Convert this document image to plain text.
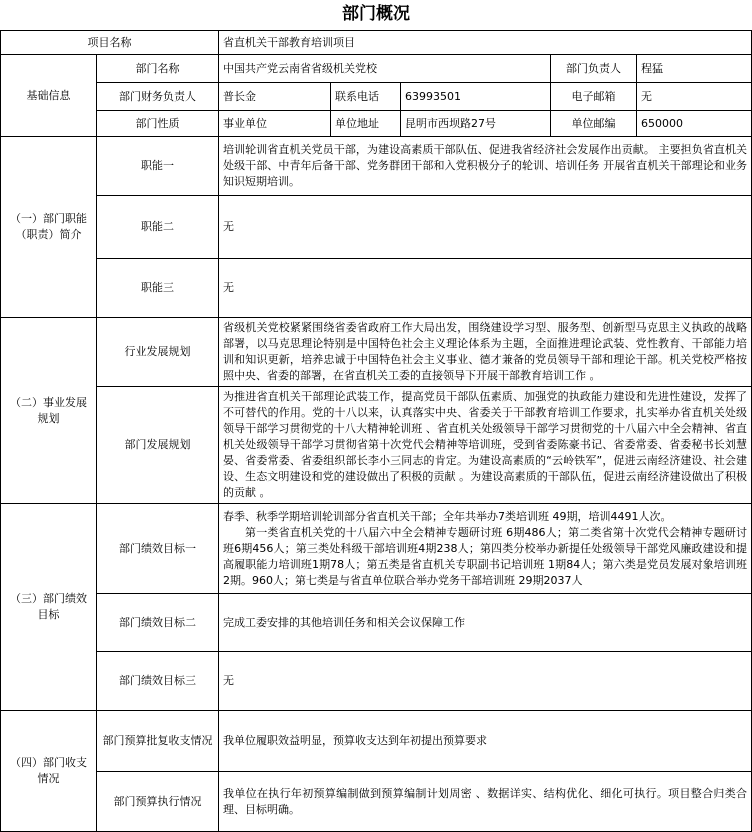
部门概况
项目名称		省直机关干部教育培训项目				
基础信息	部门名称	中国共产党云南省省级机关党校			部门负责人	程猛
	部门财务负责人	普长金	联系电话	63993501	电子邮箱	无
	部门性质	事业单位	单位地址	昆明市西坝路27号	单位邮编	650000
（一）部门职能（职责）简介	职能一	培训轮训省直机关党员干部，为建设高素质干部队伍、促进我省经济社会发展作出贡献。 主要担负省直机关处级干部、中青年后备干部、党务群团干部和入党积极分子的轮训、培训任务 开展省直机关干部理论和业务知识短期培训。				
	职能二	无				
	职能三	无				
（二）事业发展规划	行业发展规划	省级机关党校紧紧围绕省委省政府工作大局出发，围绕建设学习型、服务型、创新型马克思主义执政的战略部署，以马克思理论特别是中国特色社会主义理论体系为主题，全面推进理论武装、党性教育、干部能力培训和知识更新，培养忠诚于中国特色社会主义事业、德才兼备的党员领导干部和理论干部。机关党校严格按照中央、省委的部署，在省直机关工委的直接领导下开展干部教育培训工作 。				
	部门发展规划	为推进省直机关干部理论武装工作，提高党员干部队伍素质、加强党的执政能力建设和先进性建设，发挥了不可替代的作用。党的十八以来，认真落实中央、省委关于干部教育培训工作要求，扎实举办省直机关处级领导干部学习贯彻党的十八大精神轮训班 、省直机关处级领导干部学习贯彻党的十八届六中全会精神、省直机关处级领导干部学习贯彻省第十次党代会精神等培训班，受到省委陈豪书记、省委常委、省委秘书长刘慧晏、省委常委、省委组织部长李小三同志的肯定。为建设高素质的“云岭铁军”，促进云南经济建设、社会建设、生态文明建设和党的建设做出了积极的贡献 。为建设高素质的干部队伍，促进云南经济建设做出了积极的贡献 。				
（三）部门绩效目标	部门绩效目标一	春季、秋季学期培训轮训部分省直机关干部；全年共举办7类培训班 49期，培训4491人次。
第一类省直机关党的十八届六中全会精神专题研讨班 6期486人；第二类省第十次党代会精神专题研讨班6期456人；第三类处科级干部培训班4期238人；第四类分校举办新提任处级领导干部党风廉政建设和提高履职能力培训班1期78人；第五类是省直机关专职副书记培训班 1期84人；第六类是党员发展对象培训班2期。960人；第七类是与省直单位联合举办党务干部培训班 29期2037人				

	部门绩效目标二	完成工委安排的其他培训任务和相关会议保障工作				
	部门绩效目标三	无				
（四）部门收支情况	部门预算批复收支情况	我单位履职效益明显，预算收支达到年初提出预算要求				
	部门预算执行情况	我单位在执行年初预算编制做到预算编制计划周密 、数据详实、结构优化、细化可执行。项目整合归类合理、目标明确。				
